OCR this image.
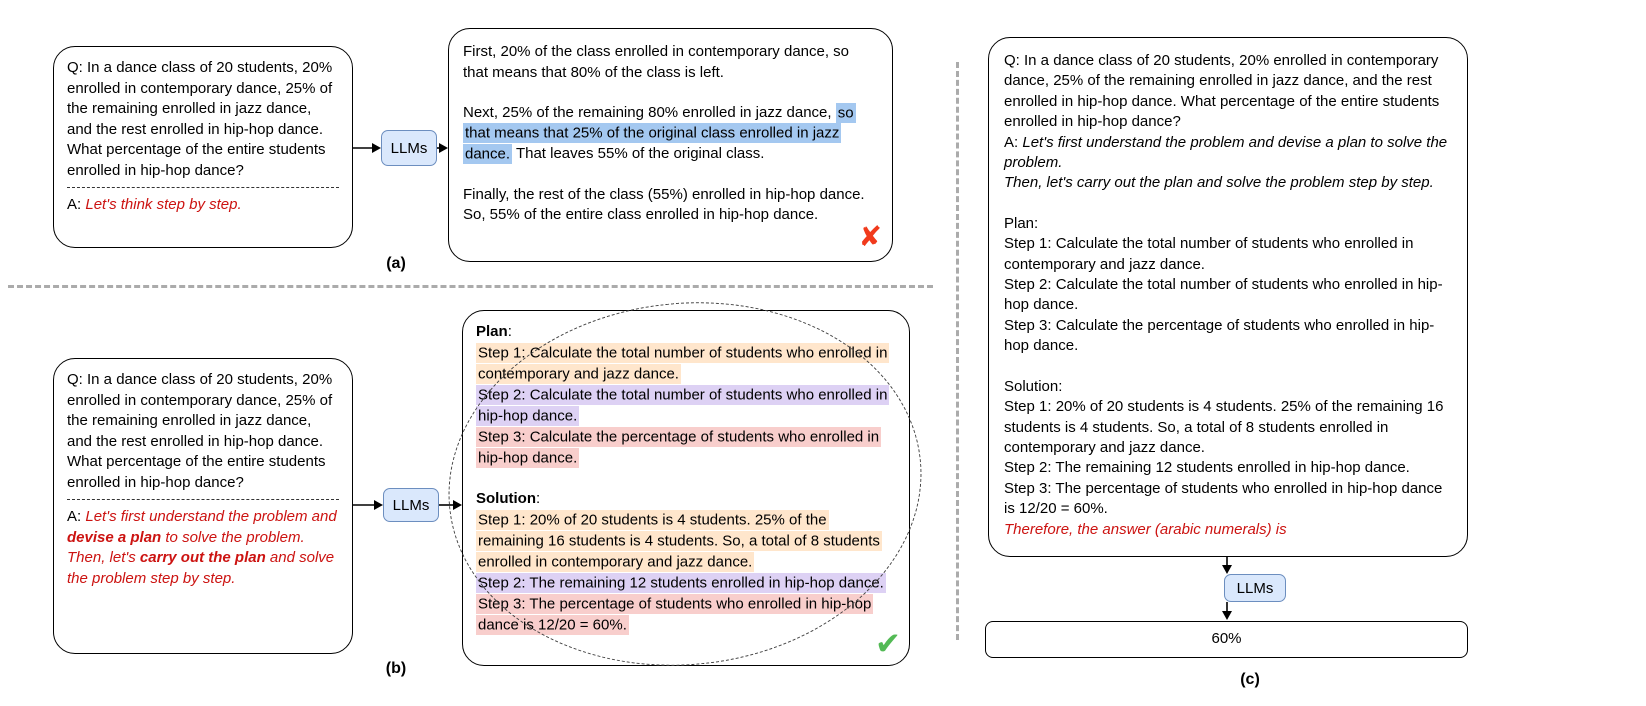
Q: In a dance class of 20 students, 20% enrolled in contemporary dance, 25% of the remaining enrolled in jazz dance, and the rest enrolled in hip-hop dance. What percentage of the entire students enrolled in hip-hop dance?
A: Let's think step by step.
LLMs

First, 20% of the class enrolled in contemporary dance, so that means that 80% of the class is left.

Next, 25% of the remaining 80% enrolled in jazz dance, so that means that 25% of the original class enrolled in jazz dance. That leaves 55% of the original class.

Finally, the rest of the class (55%) enrolled in hip-hop dance. So, 55% of the entire class enrolled in hip-hop dance.

✘
(a)
Q: In a dance class of 20 students, 20% enrolled in contemporary dance, 25% of the remaining enrolled in jazz dance, and the rest enrolled in hip-hop dance. What percentage of the entire students enrolled in hip-hop dance?
A: Let's first understand the problem and devise a plan to solve the problem.
Then, let's carry out the plan and solve the problem step by step.
LLMs

Plan:

Step 1: Calculate the total number of students who enrolled in contemporary and jazz dance.

Step 2: Calculate the total number of students who enrolled in hip-hop dance.

Step 3: Calculate the percentage of students who enrolled in hip-hop dance.

Solution:

Step 1: 20% of 20 students is 4 students. 25% of the remaining 16 students is 4 students. So, a total of 8 students enrolled in contemporary and jazz dance.

Step 2: The remaining 12 students enrolled in hip-hop dance.

Step 3: The percentage of students who enrolled in hip-hop dance is 12/20 = 60%.

✔
(b)

Q: In a dance class of 20 students, 20% enrolled in contemporary dance, 25% of the remaining enrolled in jazz dance, and the rest enrolled in hip-hop dance. What percentage of the entire students enrolled in hip-hop dance?

A: Let's first understand the problem and devise a plan to solve the problem.

Then, let's carry out the plan and solve the problem step by step.

Plan:

Step 1: Calculate the total number of students who enrolled in contemporary and jazz dance.

Step 2: Calculate the total number of students who enrolled in hip-hop dance.

Step 3: Calculate the percentage of students who enrolled in hip-hop dance.

Solution:

Step 1: 20% of 20 students is 4 students. 25% of the remaining 16 students is 4 students. So, a total of 8 students enrolled in contemporary and jazz dance.

Step 2: The remaining 12 students enrolled in hip-hop dance.

Step 3: The percentage of students who enrolled in hip-hop dance is 12/20 = 60%.

Therefore, the answer (arabic numerals) is

LLMs
60%
(c)
